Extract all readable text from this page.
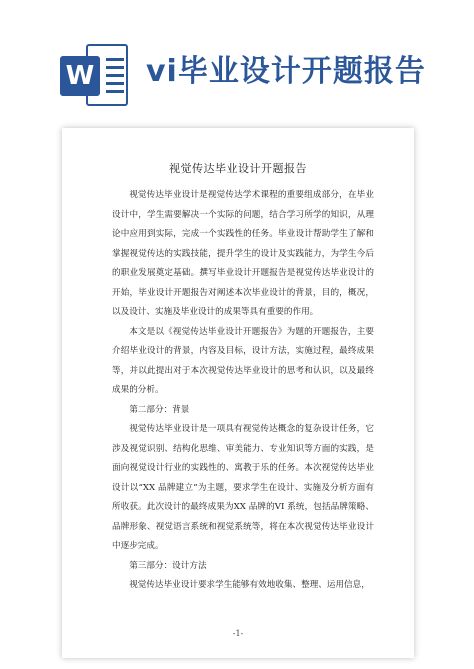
W vi毕业设计开题报告
视觉传达毕业设计开题报告

视觉传达毕业设计是视觉传达学术课程的重要组成部分，在毕业设计中，学生需要解决一个实际的问题，结合学习所学的知识，从理论中应用到实际，完成一个实践性的任务。毕业设计帮助学生了解和掌握视觉传达的实践技能，提升学生的设计及实践能力，为学生今后的职业发展奠定基础。撰写毕业设计开题报告是视觉传达毕业设计的开始，毕业设计开题报告对阐述本次毕业设计的背景，目的，概况，以及设计、实施及毕业设计的成果等具有重要的作用。

本文是以《视觉传达毕业设计开题报告》为题的开题报告，主要介绍毕业设计的背景，内容及目标，设计方法，实施过程，最终成果等，并以此提出对于本次视觉传达毕业设计的思考和认识，以及最终成果的分析。

第二部分：背景

视觉传达毕业设计是一项具有视觉传达概念的复杂设计任务，它涉及视觉识别、结构化思维、审美能力、专业知识等方面的实践，是面向视觉设计行业的实践性的、寓教于乐的任务。本次视觉传达毕业设计以“XX 品牌建立”为主题，要求学生在设计、实施及分析方面有所收获。此次设计的最终成果为XX 品牌的VI 系统，包括品牌策略、品牌形象、视觉语言系统和视觉系统等，将在本次视觉传达毕业设计中逐步完成。

第三部分：设计方法

视觉传达毕业设计要求学生能够有效地收集、整理、运用信息，

-1-
